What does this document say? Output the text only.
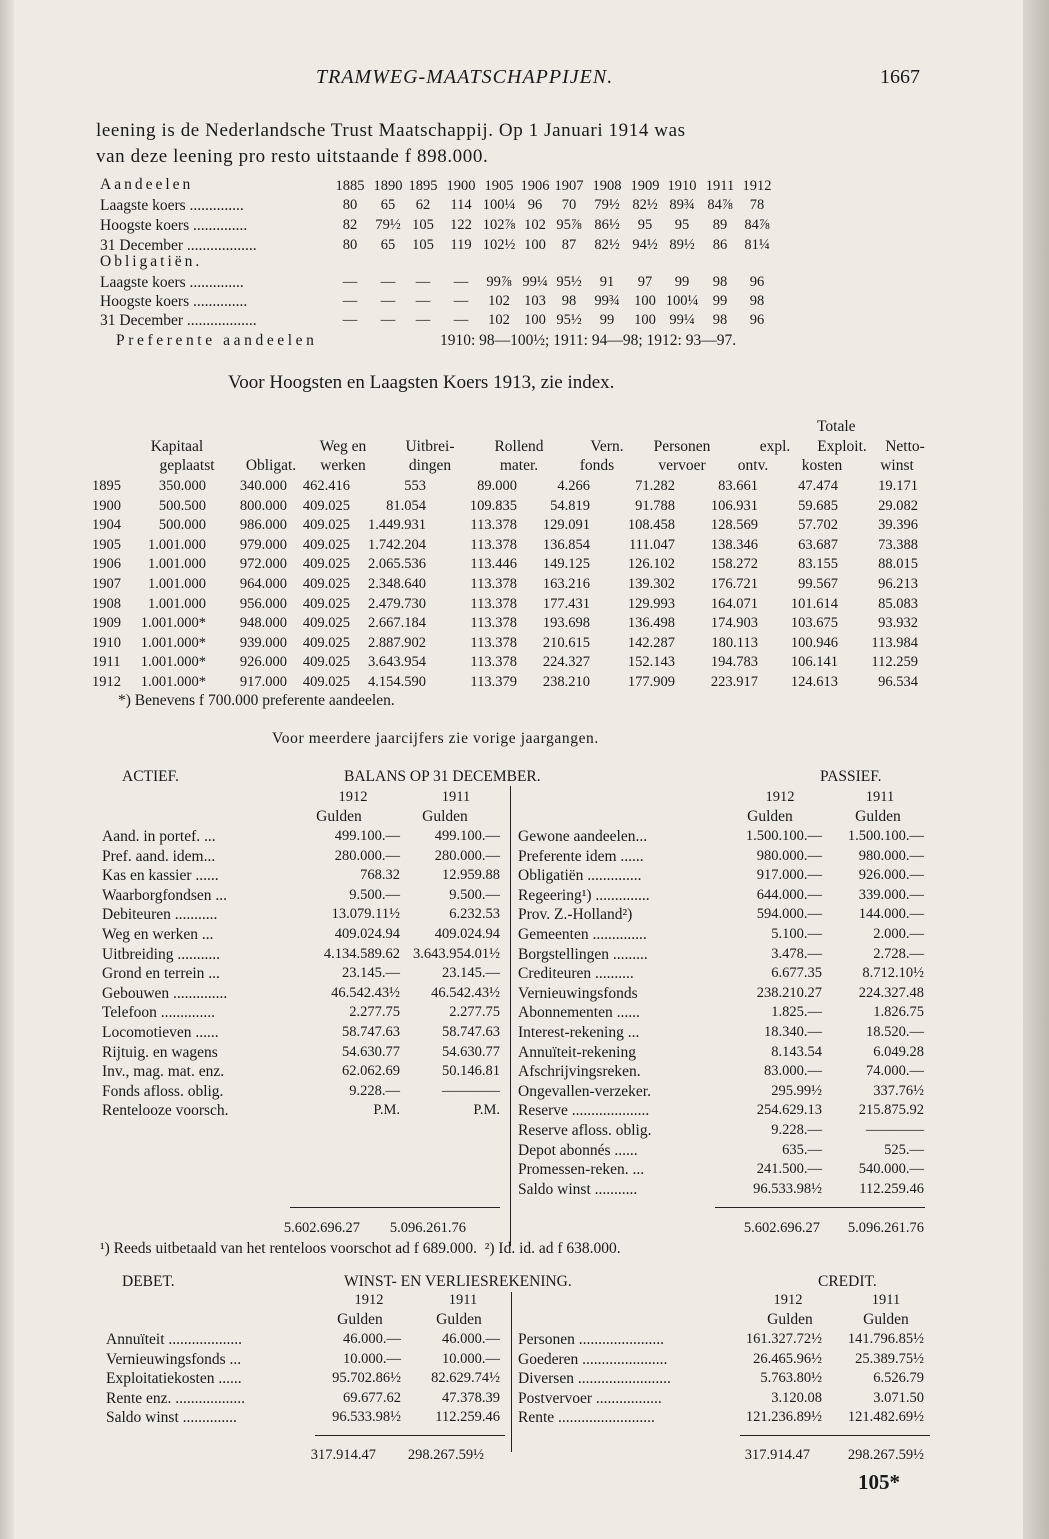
TRAMWEG-MAATSCHAPPIJEN.	1667
leening is de Nederlandsche Trust Maatschappij. Op 1 Januari 1914 was
van deze leening pro resto uitstaande f 898.000.
Aandeelen	1885 1890 1895 1900 1905 1906 1907 1908 1909 1910 1911 1912
Laagste koers ..............	80	65	62	114 100¼ 96	70	79½ 82½ 89¾ 84⅞	78
Hoogste koers ..............	82	79½ 105	122 102⅞ 102 95⅞ 86½	95	95	89	84⅞
31 December ..................	80	65	105	119 102½ 100	87	82½ 94½ 89½	86	81¼
Obligatiën.
Laagste koers ..............	—	—	—	—	99⅞ 99¼ 95½	91	97	99	98	96
Hoogste koers ..............	—	—	—	—	102 103	98	99¾ 100 100¼ 99	98
31 December ..................	—	—	—	—	102 100 95½	99	100 99¼	98	96
Preferente aandeelen	1910: 98—100½; 1911: 94—98; 1912: 93—97.
Voor Hoogsten en Laagsten Koers 1913, zie index.
Totale
Kapitaal	Weg en	Uitbrei-	Rollend	Vern.	Personen	expl.	Exploit.	Netto-
geplaatst	Obligat.	werken	dingen	mater.	fonds	vervoer	ontv.	kosten	winst
1895	350.000	340.000	462.416	553	89.000	4.266	71.282	83.661	47.474	19.171
1900	500.500	800.000	409.025	81.054	109.835	54.819	91.788	106.931	59.685	29.082
1904	500.000	986.000	409.025	1.449.931	113.378	129.091	108.458	128.569	57.702	39.396
1905	1.001.000	979.000	409.025	1.742.204	113.378	136.854	111.047	138.346	63.687	73.388
1906	1.001.000	972.000	409.025	2.065.536	113.446	149.125	126.102	158.272	83.155	88.015
1907	1.001.000	964.000	409.025	2.348.640	113.378	163.216	139.302	176.721	99.567	96.213
1908	1.001.000	956.000	409.025	2.479.730	113.378	177.431	129.993	164.071	101.614	85.083
1909	1.001.000*	948.000	409.025	2.667.184	113.378	193.698	136.498	174.903	103.675	93.932
1910	1.001.000*	939.000	409.025	2.887.902	113.378	210.615	142.287	180.113	100.946	113.984
1911	1.001.000*	926.000	409.025	3.643.954	113.378	224.327	152.143	194.783	106.141	112.259
1912	1.001.000*	917.000	409.025	4.154.590	113.379	238.210	177.909	223.917	124.613	96.534
*) Benevens f 700.000 preferente aandeelen.
Voor meerdere jaarcijfers zie vorige jaargangen.
ACTIEF.	BALANS OP 31 DECEMBER.	PASSIEF.
1912	1911	1912	1911
Gulden	Gulden	Gulden	Gulden
Aand. in portef. ...	499.100.—	499.100.—
Pref. aand. idem...	280.000.—	280.000.—
Kas en kassier ......	768.32	12.959.88
Waarborgfondsen ...	9.500.—	9.500.—
Debiteuren ...........	13.079.11½	6.232.53
Weg en werken ...	409.024.94	409.024.94
Uitbreiding ...........	4.134.589.62 3.643.954.01½
Grond en terrein ...	23.145.—	23.145.—
Gebouwen ..............	46.542.43½	46.542.43½
Telefoon ..............	2.277.75	2.277.75
Locomotieven ......	58.747.63	58.747.63
Rijtuig. en wagens	54.630.77	54.630.77
Inv., mag. mat. enz.	62.062.69	50.146.81
Fonds afloss. oblig.	9.228.—	————
Rentelooze voorsch.	P.M.	P.M.
Gewone aandeelen...	1.500.100.—	1.500.100.—
Preferente idem ......	980.000.—	980.000.—
Obligatiën ..............	917.000.—	926.000.—
Regeering¹) ..............	644.000.—	339.000.—
Prov. Z.-Holland²)	594.000.—	144.000.—
Gemeenten ..............	5.100.—	2.000.—
Borgstellingen .........	3.478.—	2.728.—
Crediteuren ..........	6.677.35	8.712.10½
Vernieuwingsfonds	238.210.27	224.327.48
Abonnementen ......	1.825.—	1.826.75
Interest-rekening ...	18.340.—	18.520.—
Annuïteit-rekening	8.143.54	6.049.28
Afschrijvingsreken.	83.000.—	74.000.—
Ongevallen-verzeker.	295.99½	337.76½
Reserve ....................	254.629.13	215.875.92
Reserve afloss. oblig.	9.228.—	————
Depot abonnés ......	635.—	525.—
Promessen-reken. ...	241.500.—	540.000.—
Saldo winst ...........	96.533.98½	112.259.46
5.602.696.27	5.096.261.76	5.602.696.27	5.096.261.76
¹) Reeds uitbetaald van het renteloos voorschot ad f 689.000.  ²) Id. id. ad f 638.000.
DEBET.	WINST- EN VERLIESREKENING.	CREDIT.
1912	1911	1912	1911
Gulden	Gulden	Gulden	Gulden
Annuïteit ...................	46.000.—	46.000.—
Vernieuwingsfonds ...	10.000.—	10.000.—
Exploitatiekosten ......	95.702.86½	82.629.74½
Rente enz. ..................	69.677.62	47.378.39
Saldo winst ..............	96.533.98½	112.259.46
Personen ......................	161.327.72½	141.796.85½
Goederen ......................	26.465.96½	25.389.75½
Diversen ........................	5.763.80½	6.526.79
Postvervoer .................	3.120.08	3.071.50
Rente .........................	121.236.89½	121.482.69½
317.914.47	298.267.59½	317.914.47	298.267.59½
105*
